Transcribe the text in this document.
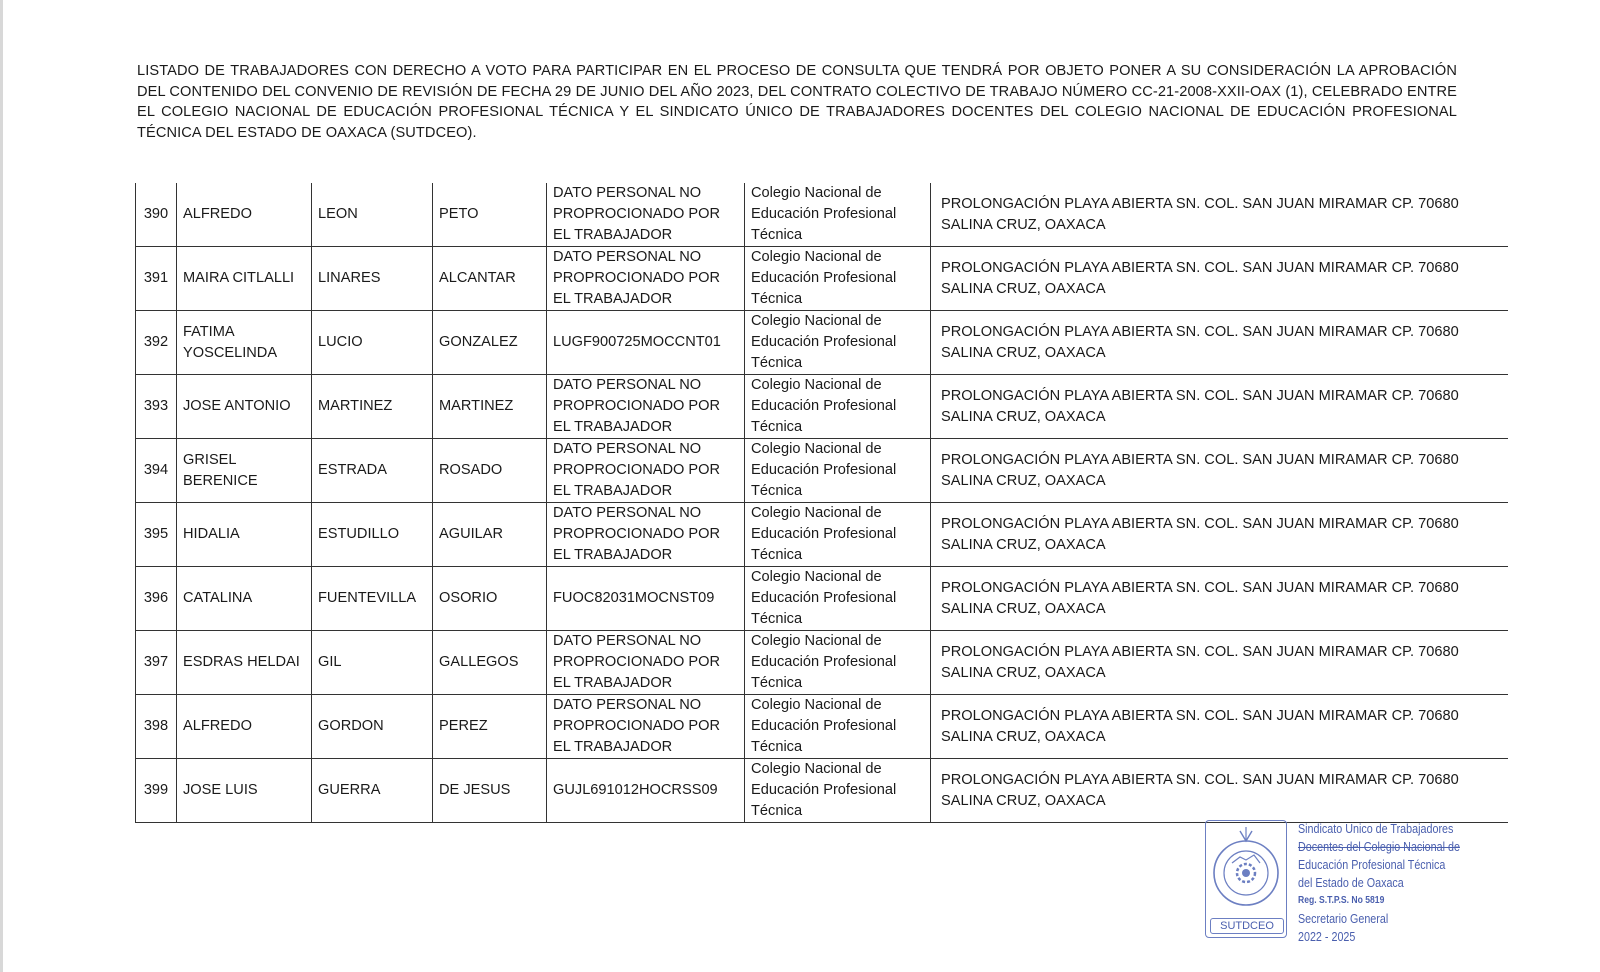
LISTADO DE TRABAJADORES CON DERECHO A VOTO PARA PARTICIPAR EN EL PROCESO DE CONSULTA QUE TENDRÁ POR OBJETO PONER A SU CONSIDERACIÓN LA APROBACIÓN DEL CONTENIDO DEL CONVENIO DE REVISIÓN DE FECHA 29 DE JUNIO DEL AÑO 2023, DEL CONTRATO COLECTIVO DE TRABAJO NÚMERO CC-21-2008-XXII-OAX (1), CELEBRADO ENTRE EL COLEGIO NACIONAL DE EDUCACIÓN PROFESIONAL TÉCNICA Y EL SINDICATO ÚNICO DE TRABAJADORES DOCENTES DEL COLEGIO NACIONAL DE EDUCACIÓN PROFESIONAL TÉCNICA DEL ESTADO DE OAXACA (SUTDCEO).

390	ALFREDO	LEON	PETO	DATO PERSONAL NO PROPROCIONADO POR EL TRABAJADOR	Colegio Nacional de Educación Profesional Técnica	PROLONGACIÓN PLAYA ABIERTA SN. COL. SAN JUAN MIRAMAR CP. 70680 SALINA CRUZ, OAXACA
391	MAIRA CITLALLI	LINARES	ALCANTAR	DATO PERSONAL NO PROPROCIONADO POR EL TRABAJADOR	Colegio Nacional de Educación Profesional Técnica	PROLONGACIÓN PLAYA ABIERTA SN. COL. SAN JUAN MIRAMAR CP. 70680 SALINA CRUZ, OAXACA
392	FATIMA YOSCELINDA	LUCIO	GONZALEZ	LUGF900725MOCCNT01	Colegio Nacional de Educación Profesional Técnica	PROLONGACIÓN PLAYA ABIERTA SN. COL. SAN JUAN MIRAMAR CP. 70680 SALINA CRUZ, OAXACA
393	JOSE ANTONIO	MARTINEZ	MARTINEZ	DATO PERSONAL NO PROPROCIONADO POR EL TRABAJADOR	Colegio Nacional de Educación Profesional Técnica	PROLONGACIÓN PLAYA ABIERTA SN. COL. SAN JUAN MIRAMAR CP. 70680 SALINA CRUZ, OAXACA
394	GRISEL BERENICE	ESTRADA	ROSADO	DATO PERSONAL NO PROPROCIONADO POR EL TRABAJADOR	Colegio Nacional de Educación Profesional Técnica	PROLONGACIÓN PLAYA ABIERTA SN. COL. SAN JUAN MIRAMAR CP. 70680 SALINA CRUZ, OAXACA
395	HIDALIA	ESTUDILLO	AGUILAR	DATO PERSONAL NO PROPROCIONADO POR EL TRABAJADOR	Colegio Nacional de Educación Profesional Técnica	PROLONGACIÓN PLAYA ABIERTA SN. COL. SAN JUAN MIRAMAR CP. 70680 SALINA CRUZ, OAXACA
396	CATALINA	FUENTEVILLA	OSORIO	FUOC82031MOCNST09	Colegio Nacional de Educación Profesional Técnica	PROLONGACIÓN PLAYA ABIERTA SN. COL. SAN JUAN MIRAMAR CP. 70680 SALINA CRUZ, OAXACA
397	ESDRAS HELDAI	GIL	GALLEGOS	DATO PERSONAL NO PROPROCIONADO POR EL TRABAJADOR	Colegio Nacional de Educación Profesional Técnica	PROLONGACIÓN PLAYA ABIERTA SN. COL. SAN JUAN MIRAMAR CP. 70680 SALINA CRUZ, OAXACA
398	ALFREDO	GORDON	PEREZ	DATO PERSONAL NO PROPROCIONADO POR EL TRABAJADOR	Colegio Nacional de Educación Profesional Técnica	PROLONGACIÓN PLAYA ABIERTA SN. COL. SAN JUAN MIRAMAR CP. 70680 SALINA CRUZ, OAXACA
399	JOSE LUIS	GUERRA	DE JESUS	GUJL691012HOCRSS09	Colegio Nacional de Educación Profesional Técnica	PROLONGACIÓN PLAYA ABIERTA SN. COL. SAN JUAN MIRAMAR CP. 70680 SALINA CRUZ, OAXACA
SUTDCEO
Sindicato Unico de Trabajadores
Docentes del Colegio Nacional de
Educación Profesional Técnica
del Estado de Oaxaca
Reg. S.T.P.S. No 5819
Secretario General
2022 - 2025
